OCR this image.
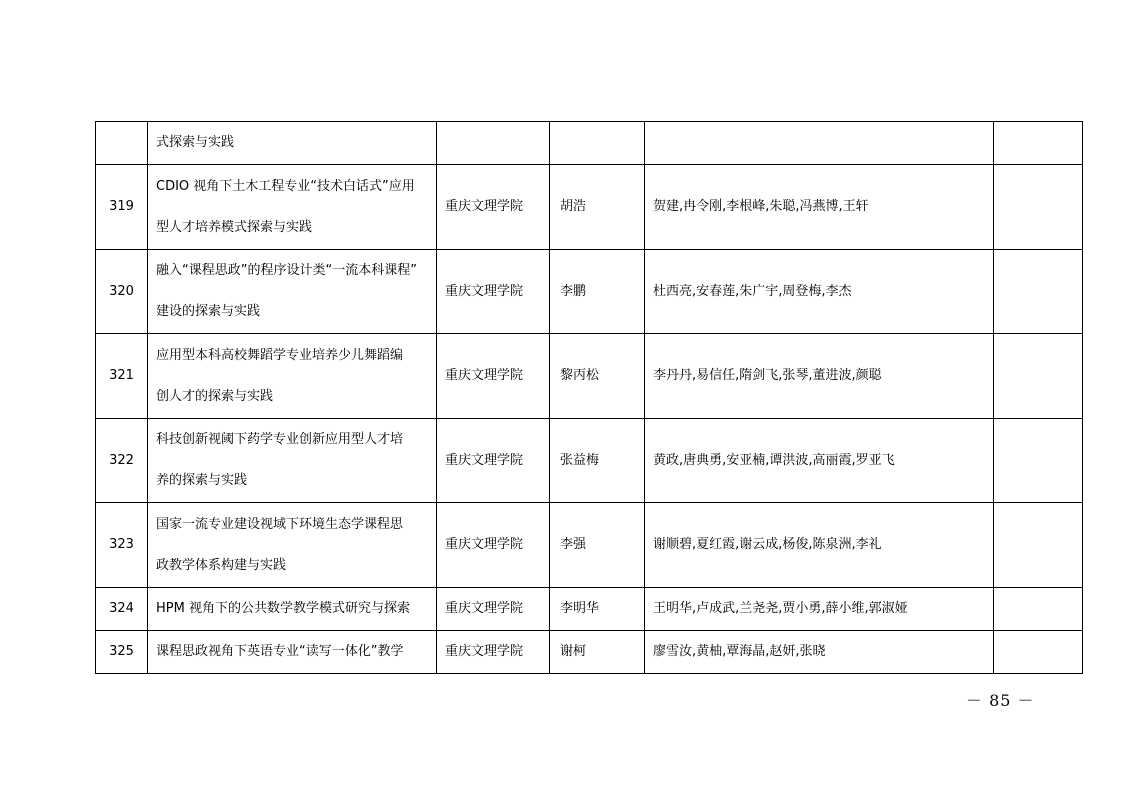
	式探索与实践				

319	CDIO 视角下土木工程专业“技术白话式”应用
型人才培养模式探索与实践	重庆文理学院	胡浩	贺建,冉令刚,李根峰,朱聪,冯燕博,王轩	
320	融入“课程思政”的程序设计类“一流本科课程”
建设的探索与实践	重庆文理学院	李鹏	杜西亮,安春莲,朱广宇,周登梅,李杰	
321	应用型本科高校舞蹈学专业培养少儿舞蹈编
创人才的探索与实践	重庆文理学院	黎丙松	李丹丹,易信任,隋剑飞,张琴,董进波,颜聪	
322	科技创新视阈下药学专业创新应用型人才培
养的探索与实践	重庆文理学院	张益梅	黄政,唐典勇,安亚楠,谭洪波,高丽霞,罗亚飞	
323	国家一流专业建设视域下环境生态学课程思
政教学体系构建与实践	重庆文理学院	李强	谢顺碧,夏红霞,谢云成,杨俊,陈泉洲,李礼	
324	HPM 视角下的公共数学教学模式研究与探索	重庆文理学院	李明华	王明华,卢成武,兰尧尧,贾小勇,薛小维,郭淑娅	
325	课程思政视角下英语专业“读写一体化”教学	重庆文理学院	谢柯	廖雪汝,黄柚,覃海晶,赵妍,张晓	
－ 85 －
